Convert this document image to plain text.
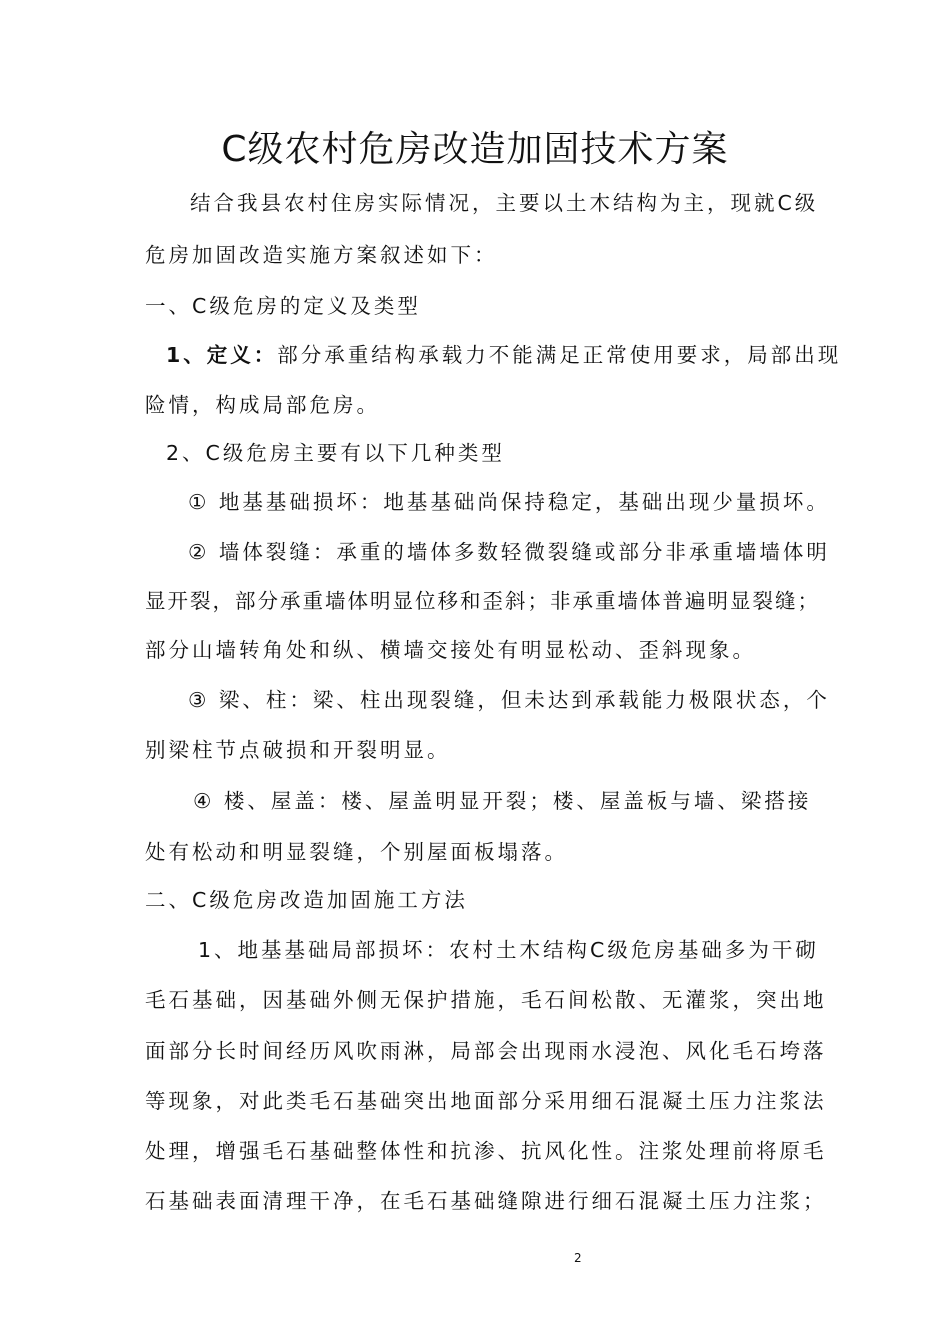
C级农村危房改造加固技术方案
结合我县农村住房实际情况，主要以土木结构为主，现就C级
危房加固改造实施方案叙述如下：
一、C级危房的定义及类型
1、定义：部分承重结构承载力不能满足正常使用要求，局部出现
险情，构成局部危房。
2、C级危房主要有以下几种类型
① 地基基础损坏：地基基础尚保持稳定，基础出现少量损坏。
② 墙体裂缝：承重的墙体多数轻微裂缝或部分非承重墙墙体明
显开裂，部分承重墙体明显位移和歪斜；非承重墙体普遍明显裂缝；
部分山墙转角处和纵、横墙交接处有明显松动、歪斜现象。
③ 梁、柱：梁、柱出现裂缝，但未达到承载能力极限状态，个
别梁柱节点破损和开裂明显。
④ 楼、屋盖：楼、屋盖明显开裂；楼、屋盖板与墙、梁搭接
处有松动和明显裂缝，个别屋面板塌落。
二、C级危房改造加固施工方法
1、地基基础局部损坏：农村土木结构C级危房基础多为干砌
毛石基础，因基础外侧无保护措施，毛石间松散、无灌浆，突出地
面部分长时间经历风吹雨淋，局部会出现雨水浸泡、风化毛石垮落
等现象，对此类毛石基础突出地面部分采用细石混凝土压力注浆法
处理，增强毛石基础整体性和抗渗、抗风化性。注浆处理前将原毛
石基础表面清理干净，在毛石基础缝隙进行细石混凝土压力注浆；
2
